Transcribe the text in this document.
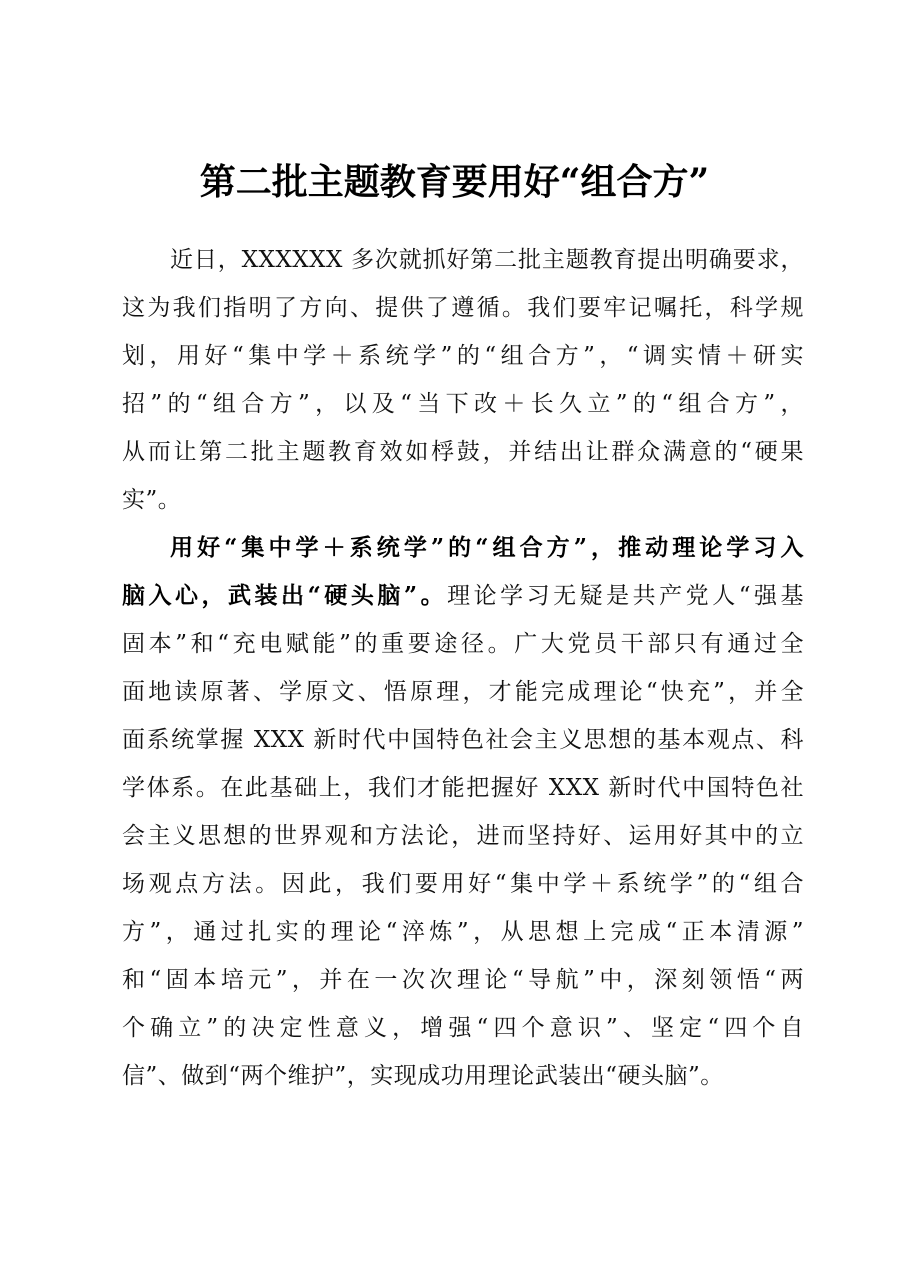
第二批主题教育要用好“组合方”
近日，XXXXXX 多次就抓好第二批主题教育提出明确要求，
这为我们指明了方向、提供了遵循。我们要牢记嘱托，科学规
划，用好“集中学＋系统学”的“组合方”，“调实情＋研实
招”的“组合方”，以及“当下改＋长久立”的“组合方”，
从而让第二批主题教育效如桴鼓，并结出让群众满意的“硬果
实”。
用好“集中学＋系统学”的“组合方”，推动理论学习入
脑入心，武装出“硬头脑”。理论学习无疑是共产党人“强基
固本”和“充电赋能”的重要途径。广大党员干部只有通过全
面地读原著、学原文、悟原理，才能完成理论“快充”，并全
面系统掌握 XXX 新时代中国特色社会主义思想的基本观点、科
学体系。在此基础上，我们才能把握好 XXX 新时代中国特色社
会主义思想的世界观和方法论，进而坚持好、运用好其中的立
场观点方法。因此，我们要用好“集中学＋系统学”的“组合
方”，通过扎实的理论“淬炼”，从思想上完成“正本清源”
和“固本培元”，并在一次次理论“导航”中，深刻领悟“两
个确立”的决定性意义，增强“四个意识”、坚定“四个自
信”、做到“两个维护”，实现成功用理论武装出“硬头脑”。
